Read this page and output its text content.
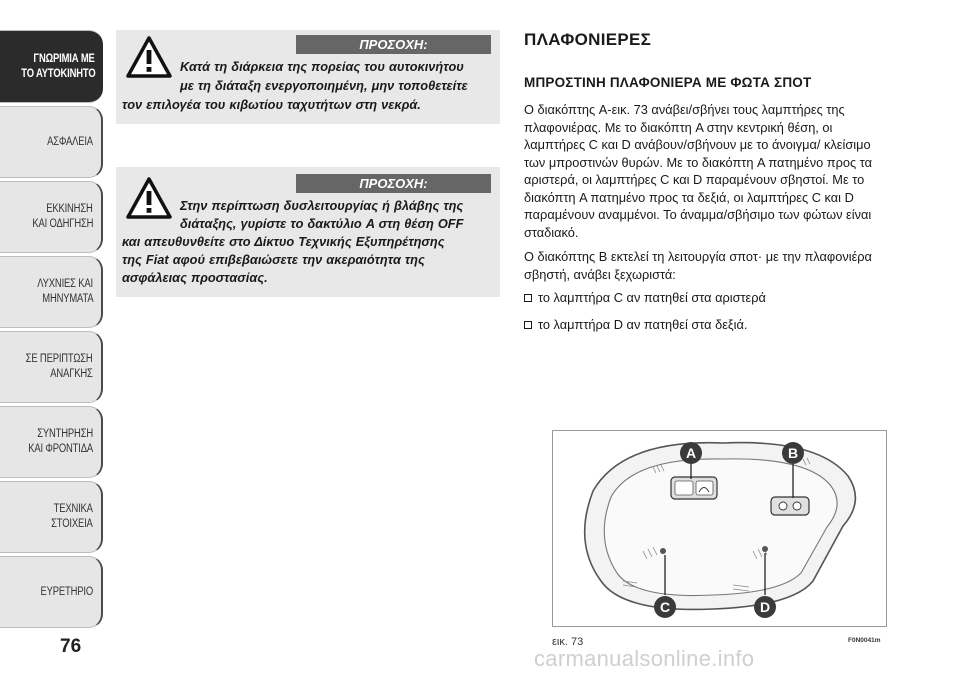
ΓΝΩΡΙΜΙΑ ΜΕ
ΤΟ ΑΥΤΟΚΙΝΗΤΟ
ΑΣΦΑΛΕΙΑ
ΕΚΚΙΝΗΣΗ
ΚΑΙ ΟΔΗΓΗΣΗ
ΛΥΧΝΙΕΣ ΚΑΙ
ΜΗΝΥΜΑΤΑ
ΣΕ ΠΕΡΙΠΤΩΣΗ
ΑΝΑΓΚΗΣ
ΣΥΝΤΗΡΗΣΗ
ΚΑΙ ΦΡΟΝΤΙΔΑ
ΤΕΧΝΙΚΑ
ΣΤΟΙΧΕΙΑ
ΕΥΡΕΤΗΡΙΟ
76
ΠΡΟΣΟΧΗ:
Κατά τη διάρκεια της πορείας του αυτοκινήτου
με τη διάταξη ενεργοποιημένη, μην τοποθετείτε
τον επιλογέα του κιβωτίου ταχυτήτων στη νεκρά.
ΠΡΟΣΟΧΗ:
Στην περίπτωση δυσλειτουργίας ή βλάβης της
διάταξης, γυρίστε το δακτύλιο A στη θέση OFF
και απευθυνθείτε στο Δίκτυο Τεχνικής Εξυπηρέτησης
της Fiat αφού επιβεβαιώσετε την ακεραιότητα της
ασφάλειας προστασίας.
ΠΛΑΦΟΝΙΕΡΕΣ
ΜΠΡΟΣΤΙΝΗ ΠΛΑΦΟΝΙΕΡΑ ΜΕ ΦΩΤΑ ΣΠΟΤ
Ο διακόπτης A-εικ. 73 ανάβει/σβήνει τους λαμπτήρες της
πλαφονιέρας. Με το διακόπτη A στην κεντρική θέση, οι
λαμπτήρες C και D ανάβουν/σβήνουν με το άνοιγμα/ κλείσιμο
των μπροστινών θυρών. Με το διακόπτη A πατημένο προς τα
αριστερά, οι λαμπτήρες C και D παραμένουν σβηστοί. Με το
διακόπτη A πατημένο προς τα δεξιά, οι λαμπτήρες C και D
παραμένουν αναμμένοι. Το άναμμα/σβήσιμο των φώτων είναι
σταδιακό.
Ο διακόπτης B εκτελεί τη λειτουργία σποτ· με την πλαφονιέρα
σβηστή, ανάβει ξεχωριστά:
το λαμπτήρα C αν πατηθεί στα αριστερά
το λαμπτήρα D αν πατηθεί στα δεξιά.
A	B
C	D
εικ. 73	F0N0041m
carmanualsonline.info
